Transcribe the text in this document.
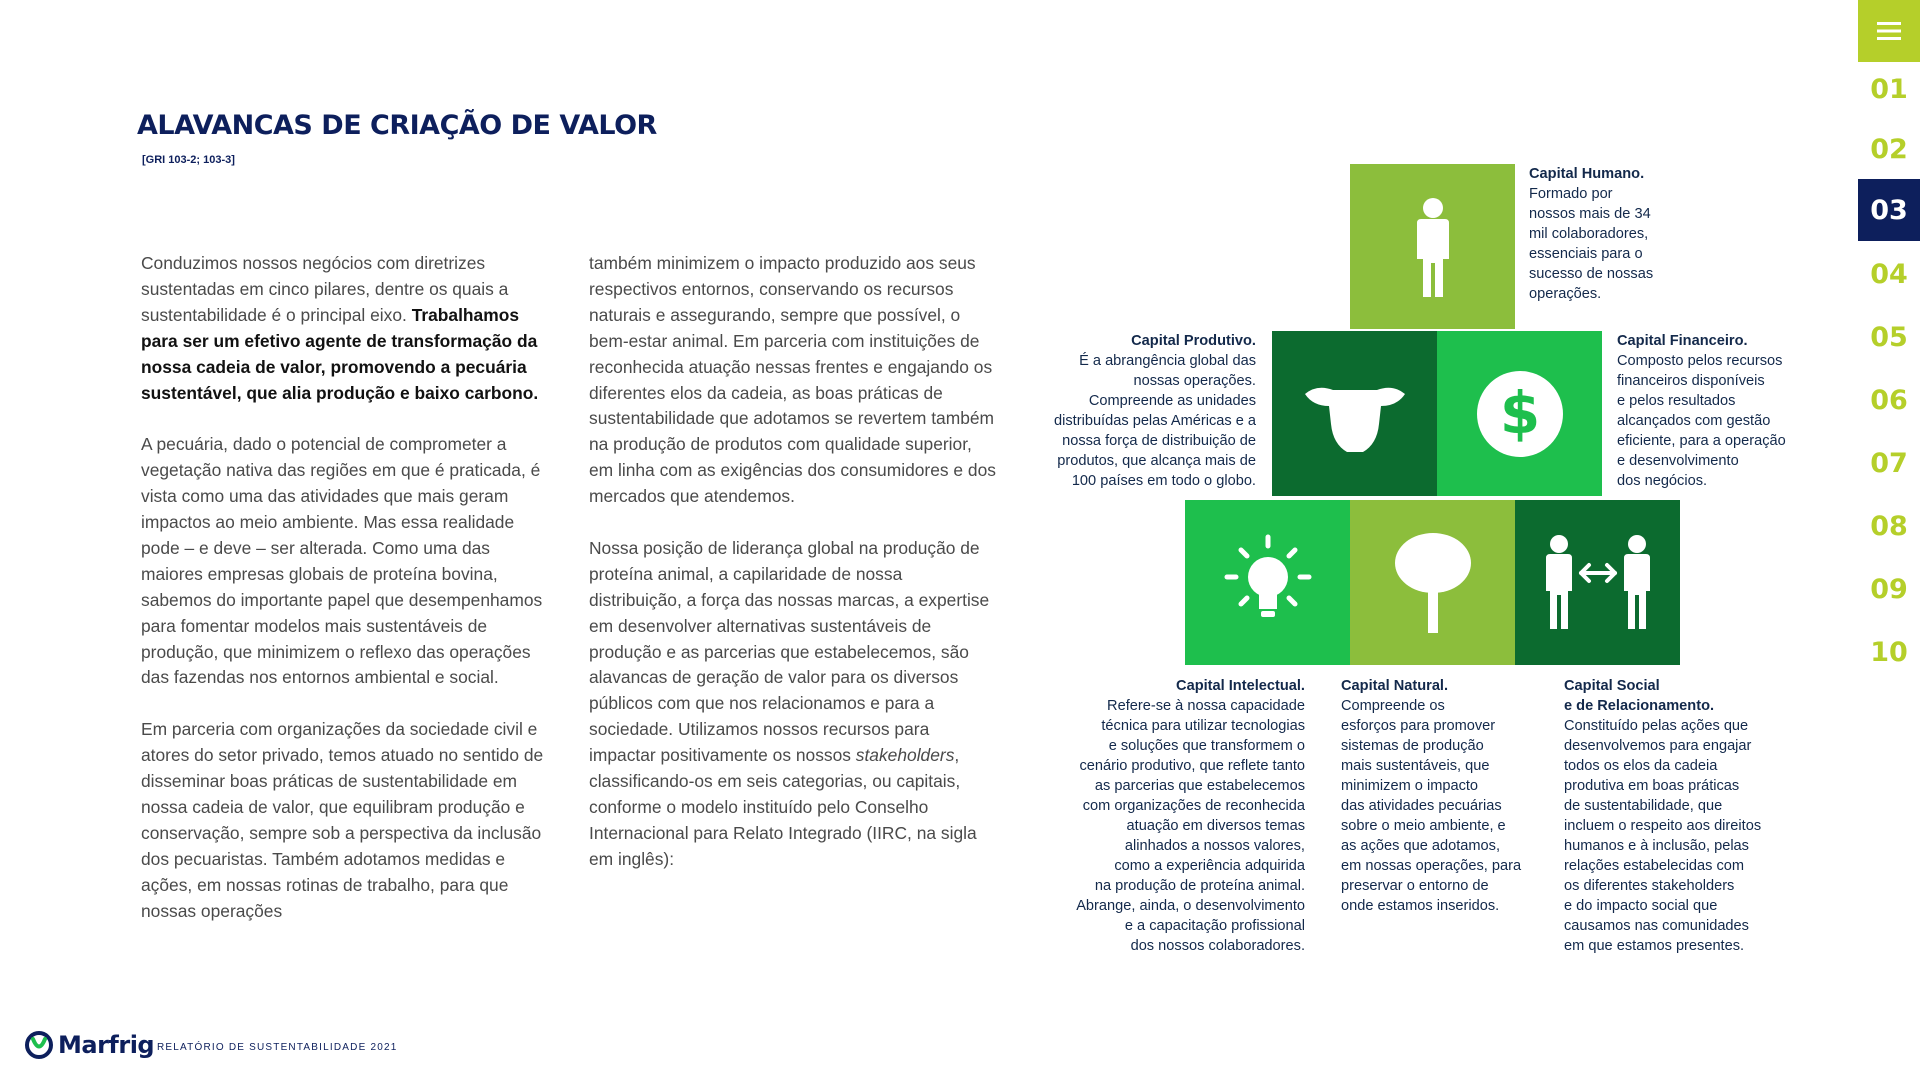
ALAVANCAS DE CRIAÇÃO DE VALOR
[GRI 103-2; 103-3]

Conduzimos nossos negócios com diretrizes sustentadas em cinco pilares, dentre os quais a sustentabilidade é o principal eixo. Trabalhamos para ser um efetivo agente de transformação da nossa cadeia de valor, promovendo a pecuária sustentável, que alia produção e baixo carbono.

A pecuária, dado o potencial de comprometer a vegetação nativa das regiões em que é praticada, é vista como uma das atividades que mais geram impactos ao meio ambiente. Mas essa realidade pode – e deve – ser alterada. Como uma das maiores empresas globais de proteína bovina, sabemos do importante papel que desempenhamos para fomentar modelos mais sustentáveis de produção, que minimizem o reflexo das operações das fazendas nos entornos ambiental e social.

Em parceria com organizações da sociedade civil e atores do setor privado, temos atuado no sentido de disseminar boas práticas de sustentabilidade em nossa cadeia de valor, que equilibram produção e conservação, sempre sob a perspectiva da inclusão dos pecuaristas. Também adotamos medidas e ações, em nossas rotinas de trabalho, para que nossas operações

também minimizem o impacto produzido aos seus respectivos entornos, conservando os recursos naturais e assegurando, sempre que possível, o bem-estar animal. Em parceria com instituições de reconhecida atuação nessas frentes e engajando os diferentes elos da cadeia, as boas práticas de sustentabilidade que adotamos se revertem também na produção de produtos com qualidade superior, em linha com as exigências dos consumidores e dos mercados que atendemos.

Nossa posição de liderança global na produção de proteína animal, a capilaridade de nossa distribuição, a força das nossas marcas, a expertise em desenvolver alternativas sustentáveis de produção e as parcerias que estabelecemos, são alavancas de geração de valor para os diversos públicos com que nos relacionamos e para a sociedade. Utilizamos nossos recursos para impactar positivamente os nossos stakeholders, classificando-os em seis categorias, ou capitais, conforme o modelo instituído pelo Conselho Internacional para Relato Integrado (IIRC, na sigla em inglês):

$
Capital Humano.
Formado por
nossos mais de 34
mil colaboradores,
essenciais para o
sucesso de nossas
operações.
Capital Produtivo.
É a abrangência global das
nossas operações.
Compreende as unidades
distribuídas pelas Américas e a
nossa força de distribuição de
produtos, que alcança mais de
100 países em todo o globo.
Capital Financeiro.
Composto pelos recursos
financeiros disponíveis
e pelos resultados
alcançados com gestão
eficiente, para a operação
e desenvolvimento
dos negócios.
Capital Intelectual.
Refere-se à nossa capacidade
técnica para utilizar tecnologias
e soluções que transformem o
cenário produtivo, que reflete tanto
as parcerias que estabelecemos
com organizações de reconhecida
atuação em diversos temas
alinhados a nossos valores,
como a experiência adquirida
na produção de proteína animal.
Abrange, ainda, o desenvolvimento
e a capacitação profissional
dos nossos colaboradores.
Capital Natural.
Compreende os
esforços para promover
sistemas de produção
mais sustentáveis, que
minimizem o impacto
das atividades pecuárias
sobre o meio ambiente, e
as ações que adotamos,
em nossas operações, para
preservar o entorno de
onde estamos inseridos.
Capital Social
e de Relacionamento.
Constituído pelas ações que
desenvolvemos para engajar
todos os elos da cadeia
produtiva em boas práticas
de sustentabilidade, que
incluem o respeito aos direitos
humanos e à inclusão, pelas
relações estabelecidas com
os diferentes stakeholders
e do impacto social que
causamos nas comunidades
em que estamos presentes.
01
02
03
04
05
06
07
08
09
10
Marfrig RELATÓRIO DE SUSTENTABILIDADE 2021
